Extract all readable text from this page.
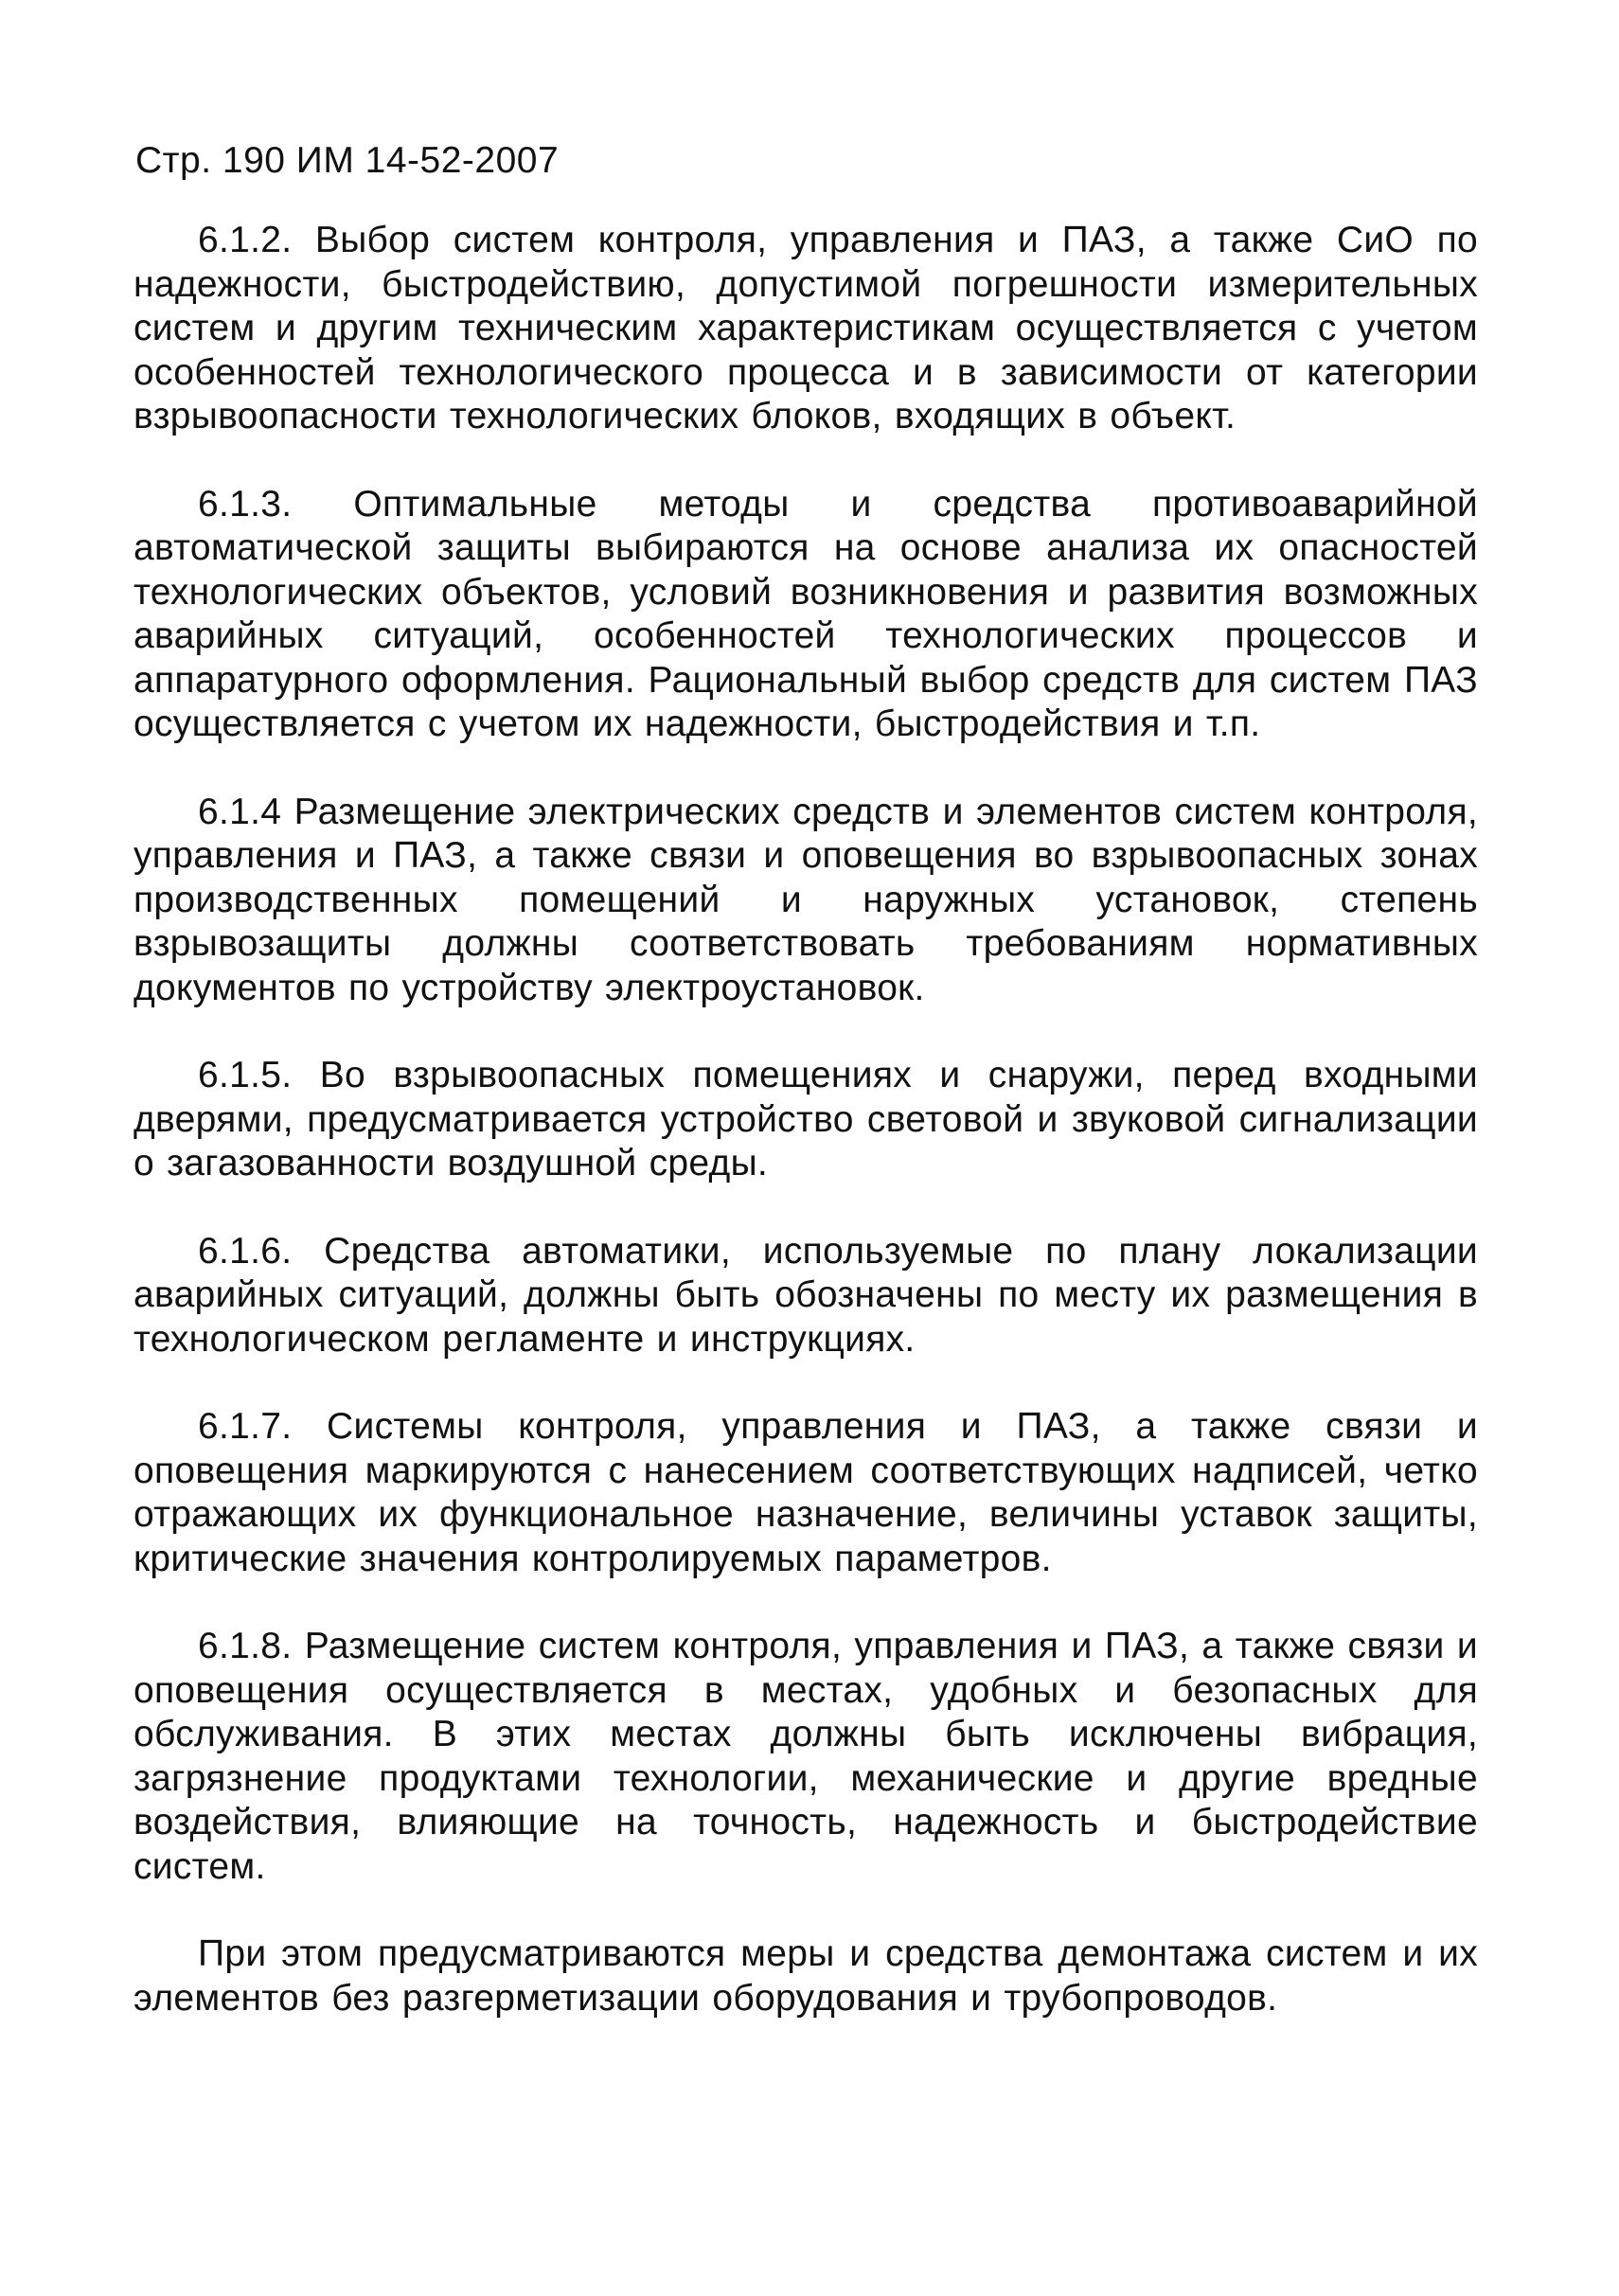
Стр. 190 ИМ 14-52-2007

6.1.2. Выбор систем контроля, управления и ПАЗ, а также СиО по надежности, быстродействию, допустимой погрешности измерительных систем и другим техническим характеристикам осуществляется с учетом особенностей технологического процесса и в зависимости от категории взрывоопасности технологических блоков, входящих в объект.

6.1.3. Оптимальные методы и средства противоаварийной автоматической защиты выбираются на основе анализа их опасностей технологических объектов, условий возникновения и развития возможных аварийных ситуаций, особенностей технологических процессов и аппаратурного оформления. Рациональный выбор средств для систем ПАЗ осуществляется с учетом их надежности, быстродействия и т.п.

6.1.4 Размещение электрических средств и элементов систем контроля, управления и ПАЗ, а также связи и оповещения во взрывоопасных зонах производственных помещений и наружных установок, степень взрывозащиты должны соответствовать требованиям нормативных документов по устройству электроустановок.

6.1.5. Во взрывоопасных помещениях и снаружи, перед входными дверями, предусматривается устройство световой и звуковой сигнализации о загазованности воздушной среды.

6.1.6. Средства автоматики, используемые по плану локализации аварийных ситуаций, должны быть обозначены по месту их размещения в технологическом регламенте и инструкциях.

6.1.7. Системы контроля, управления и ПАЗ, а также связи и оповещения маркируются с нанесением соответствующих надписей, четко отражающих их функциональное назначение, величины уставок защиты, критические значения контролируемых параметров.

6.1.8. Размещение систем контроля, управления и ПАЗ, а также связи и оповещения осуществляется в местах, удобных и безопасных для обслуживания. В этих местах должны быть исключены вибрация, загрязнение продуктами технологии, механические и другие вредные воздействия, влияющие на точность, надежность и быстродействие систем.

При этом предусматриваются меры и средства демонтажа систем и их элементов без разгерметизации оборудования и трубопроводов.
